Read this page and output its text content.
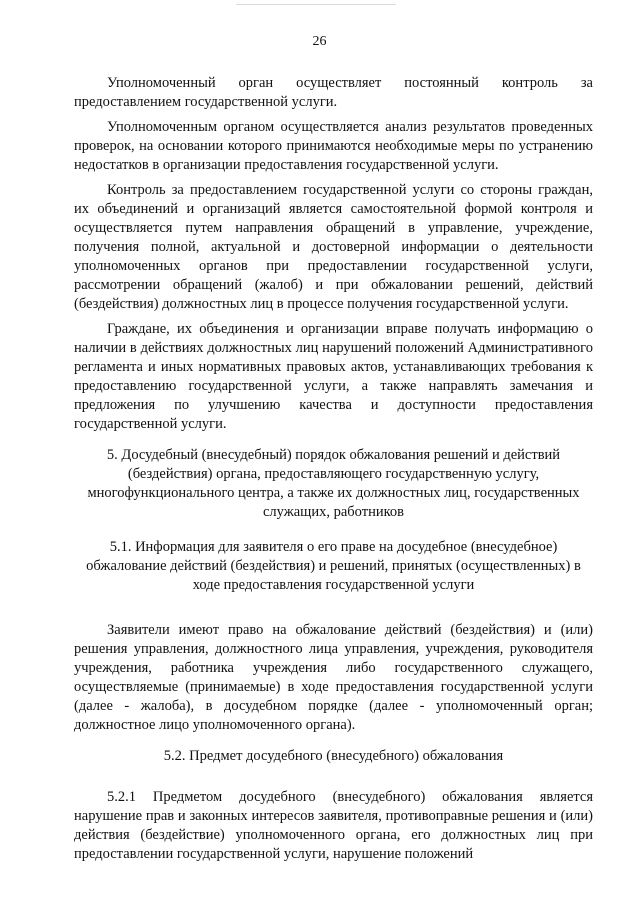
26

Уполномоченный орган осуществляет постоянный контроль за предоставлением государственной услуги.

Уполномоченным органом осуществляется анализ результатов проведенных проверок, на основании которого принимаются необходимые меры по устранению недостатков в организации предоставления государственной услуги.

Контроль за предоставлением государственной услуги со стороны граждан, их объединений и организаций является самостоятельной формой контроля и осуществляется путем направления обращений в управление, учреждение, получения полной, актуальной и достоверной информации о деятельности уполномоченных органов при предоставлении государственной услуги, рассмотрении обращений (жалоб) и при обжаловании решений, действий (бездействия) должностных лиц в процессе получения государственной услуги.

Граждане, их объединения и организации вправе получать информацию о наличии в действиях должностных лиц нарушений положений Административного регламента и иных нормативных правовых актов, устанавливающих требования к предоставлению государственной услуги, а также направлять замечания и предложения по улучшению качества и доступности предоставления государственной услуги.

5. Досудебный (внесудебный) порядок обжалования решений и действий (бездействия) органа, предоставляющего государственную услугу, многофункционального центра, а также их должностных лиц, государственных служащих, работников

5.1. Информация для заявителя о его праве на досудебное (внесудебное) обжалование действий (бездействия) и решений, принятых (осуществленных) в ходе предоставления государственной услуги

Заявители имеют право на обжалование действий (бездействия) и (или) решения управления, должностного лица управления, учреждения, руководителя учреждения, работника учреждения либо государственного служащего, осуществляемые (принимаемые) в ходе предоставления государственной услуги (далее - жалоба), в досудебном порядке (далее - уполномоченный орган; должностное лицо уполномоченного органа).

5.2. Предмет досудебного (внесудебного) обжалования

5.2.1 Предметом досудебного (внесудебного) обжалования является нарушение прав и законных интересов заявителя, противоправные решения и (или) действия (бездействие) уполномоченного органа, его должностных лиц при предоставлении государственной услуги, нарушение положений
